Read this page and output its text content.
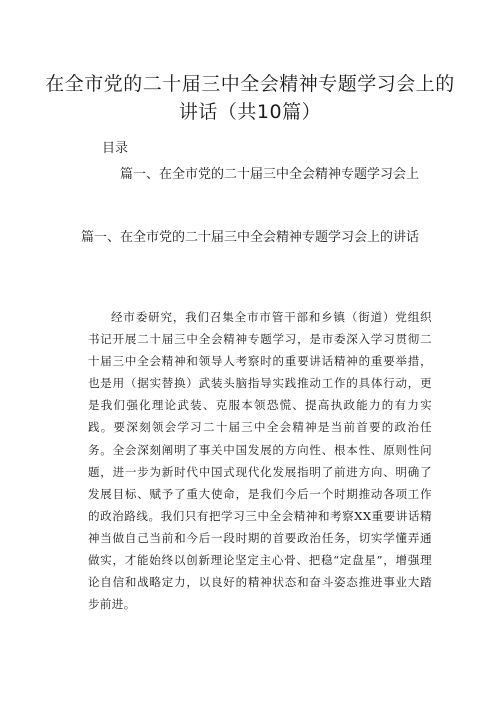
在全市党的二十届三中全会精神专题学习会上的讲话（共10篇）
目录
篇一、在全市党的二十届三中全会精神专题学习会上
篇一、在全市党的二十届三中全会精神专题学习会上的讲话

经市委研究，我们召集全市市管干部和乡镇（街道）党组织书记开展二十届三中全会精神专题学习，是市委深入学习贯彻二十届三中全会精神和领导人考察时的重要讲话精神的重要举措，也是用（据实替换）武装头脑指导实践推动工作的具体行动，更是我们强化理论武装、克服本领恐慌、提高执政能力的有力实践。要深刻领会学习二十届三中全会精神是当前首要的政治任务。全会深刻阐明了事关中国发展的方向性、根本性、原则性问题，进一步为新时代中国式现代化发展指明了前进方向、明确了发展目标、赋予了重大使命，是我们今后一个时期推动各项工作的政治路线。我们只有把学习三中全会精神和考察XX重要讲话精神当做自己当前和今后一段时期的首要政治任务，切实学懂弄通做实，才能始终以创新理论坚定主心骨、把稳“定盘星”，增强理论自信和战略定力，以良好的精神状态和奋斗姿态推进事业大踏步前进。
